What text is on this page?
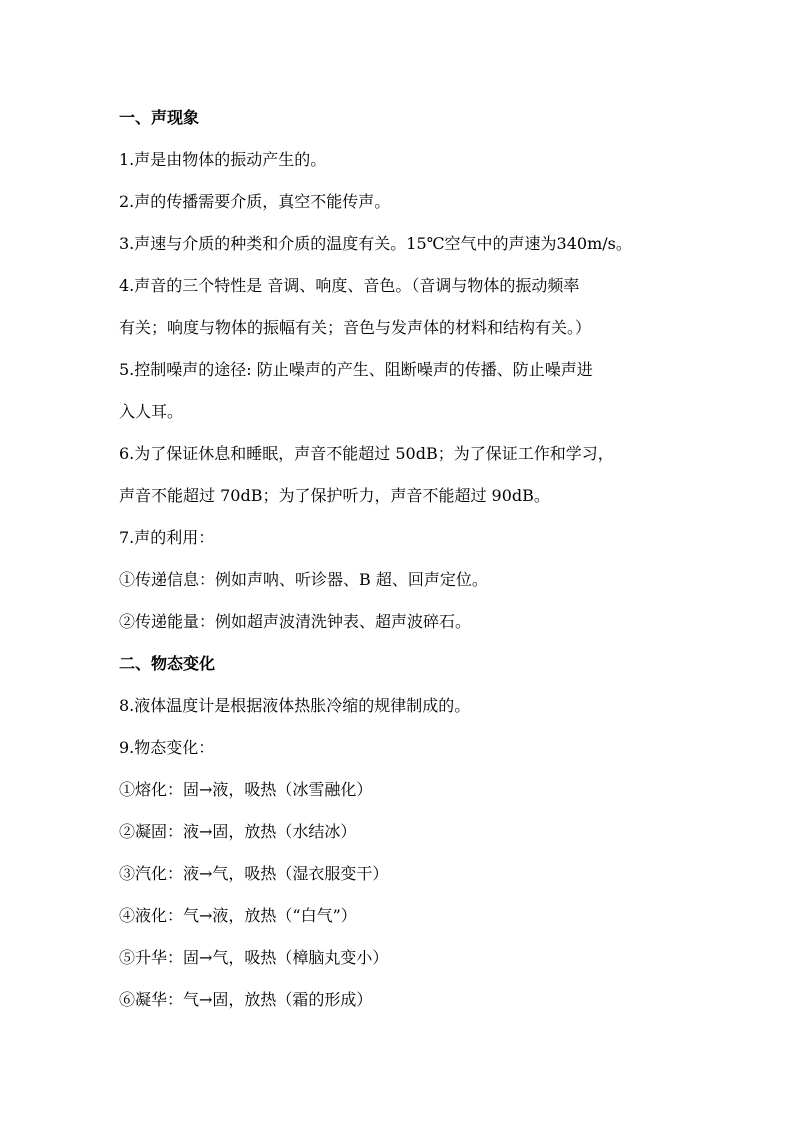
一、声现象
1.声是由物体的振动产生的。
2.声的传播需要介质，真空不能传声。
3.声速与介质的种类和介质的温度有关。15℃空气中的声速为340m/s。
4.声音的三个特性是 音调、响度、音色。（音调与物体的振动频率
有关；响度与物体的振幅有关；音色与发声体的材料和结构有关。）
5.控制噪声的途径: 防止噪声的产生、阻断噪声的传播、防止噪声进
入人耳。
6.为了保证休息和睡眠，声音不能超过 50dB；为了保证工作和学习，
声音不能超过 70dB；为了保护听力，声音不能超过 90dB。
7.声的利用：
①传递信息：例如声呐、听诊器、B 超、回声定位。
②传递能量：例如超声波清洗钟表、超声波碎石。
二、物态变化
8.液体温度计是根据液体热胀冷缩的规律制成的。
9.物态变化：
①熔化：固→液，吸热（冰雪融化）
②凝固：液→固，放热（水结冰）
③汽化：液→气，吸热（湿衣服变干）
④液化：气→液，放热（“白气”）
⑤升华：固→气，吸热（樟脑丸变小）
⑥凝华：气→固，放热（霜的形成）
